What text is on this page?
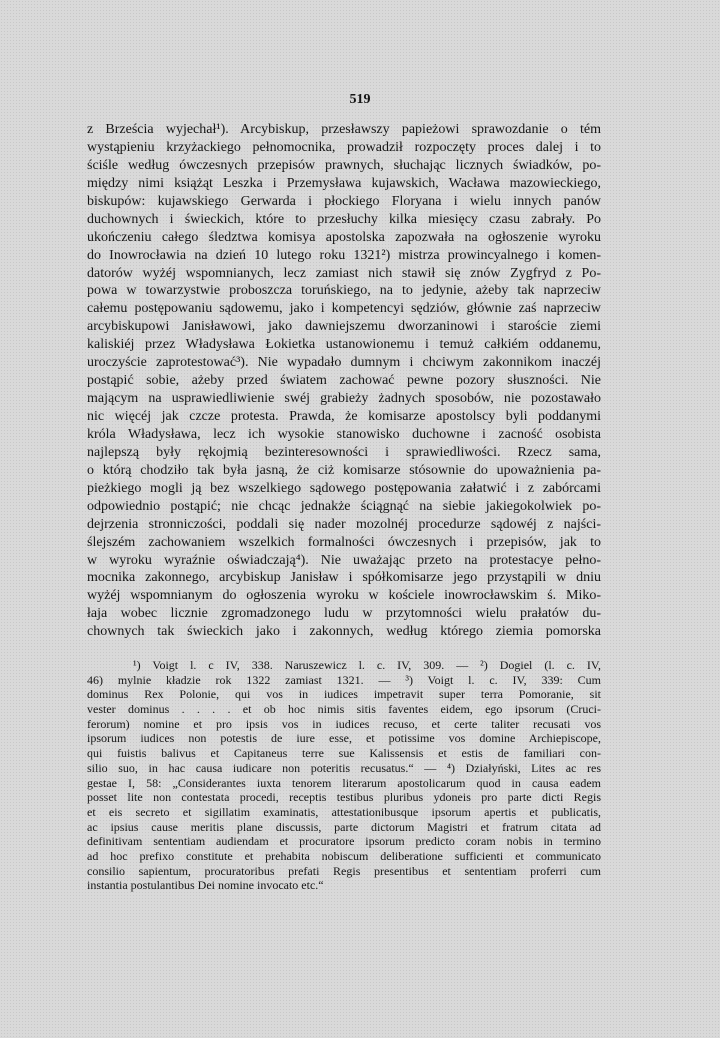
519
z Brześcia wyjechał¹). Arcybiskup, przesławszy papieżowi sprawozdanie o tém
wystąpieniu krzyżackiego pełnomocnika, prowadził rozpoczęty proces dalej i to
ściśle według ówczesnych przepisów prawnych, słuchając licznych świadków, po-
między nimi książąt Leszka i Przemysława kujawskich, Wacława mazowieckiego,
biskupów: kujawskiego Gerwarda i płockiego Floryana i wielu innych panów
duchownych i świeckich, które to przesłuchy kilka miesięcy czasu zabrały. Po
ukończeniu całego śledztwa komisya apostolska zapozwała na ogłoszenie wyroku
do Inowrocławia na dzień 10 lutego roku 1321²) mistrza prowincyalnego i komen-
datorów wyżéj wspomnianych, lecz zamiast nich stawił się znów Zygfryd z Po-
powa w towarzystwie proboszcza toruńskiego, na to jedynie, ażeby tak naprzeciw
całemu postępowaniu sądowemu, jako i kompetencyi sędziów, głównie zaś naprzeciw
arcybiskupowi Janisławowi, jako dawniejszemu dworzaninowi i staroście ziemi
kaliskiéj przez Władysława Łokietka ustanowionemu i temuż całkiém oddanemu,
uroczyście zaprotestować³). Nie wypadało dumnym i chciwym zakonnikom inaczéj
postąpić sobie, ażeby przed światem zachować pewne pozory słuszności. Nie
mającym na usprawiedliwienie swéj grabieży żadnych sposobów, nie pozostawało
nic więcéj jak czcze protesta. Prawda, że komisarze apostolscy byli poddanymi
króla Władysława, lecz ich wysokie stanowisko duchowne i zacność osobista
najlepszą były rękojmią bezinteresowności i sprawiedliwości. Rzecz sama,
o którą chodziło tak była jasną, że ciż komisarze stósownie do upoważnienia pa-
pieżkiego mogli ją bez wszelkiego sądowego postępowania załatwić i z zabórcami
odpowiednio postąpić; nie chcąc jednakże ściągnąć na siebie jakiegokolwiek po-
dejrzenia stronniczości, poddali się nader mozolnéj procedurze sądowéj z najści-
ślejszém zachowaniem wszelkich formalności ówczesnych i przepisów, jak to
w wyroku wyraźnie oświadczają⁴). Nie uważając przeto na protestacye pełno-
mocnika zakonnego, arcybiskup Janisław i spółkomisarze jego przystąpili w dniu
wyżéj wspomnianym do ogłoszenia wyroku w kościele inowrocławskim ś. Miko-
łaja wobec licznie zgromadzonego ludu w przytomności wielu prałatów du-
chownych tak świeckich jako i zakonnych, według którego ziemia pomorska
¹) Voigt l. c IV, 338. Naruszewicz l. c. IV, 309. — ²) Dogiel (l. c. IV,
46) mylnie kładzie rok 1322 zamiast 1321. — ³) Voigt l. c. IV, 339: Cum
dominus Rex Polonie, qui vos in iudices impetravit super terra Pomoranie, sit
vester dominus . . . . et ob hoc nimis sitis faventes eidem, ego ipsorum (Cruci-
ferorum) nomine et pro ipsis vos in iudices recuso, et certe taliter recusati vos
ipsorum iudices non potestis de iure esse, et potissime vos domine Archiepiscope,
qui fuistis balivus et Capitaneus terre sue Kalissensis et estis de familiari con-
silio suo, in hac causa iudicare non poteritis recusatus.“ — ⁴) Działyński, Lites ac res
gestae I, 58: „Considerantes iuxta tenorem literarum apostolicarum quod in causa eadem
posset lite non contestata procedi, receptis testibus pluribus ydoneis pro parte dicti Regis
et eis secreto et sigillatim examinatis, attestationibusque ipsorum apertis et publicatis,
ac ipsius cause meritis plane discussis, parte dictorum Magistri et fratrum citata ad
definitivam sententiam audiendam et procuratore ipsorum predicto coram nobis in termino
ad hoc prefixo constitute et prehabita nobiscum deliberatione sufficienti et communicato
consilio sapientum, procuratoribus prefati Regis presentibus et sententiam proferri cum
instantia postulantibus Dei nomine invocato etc.“
